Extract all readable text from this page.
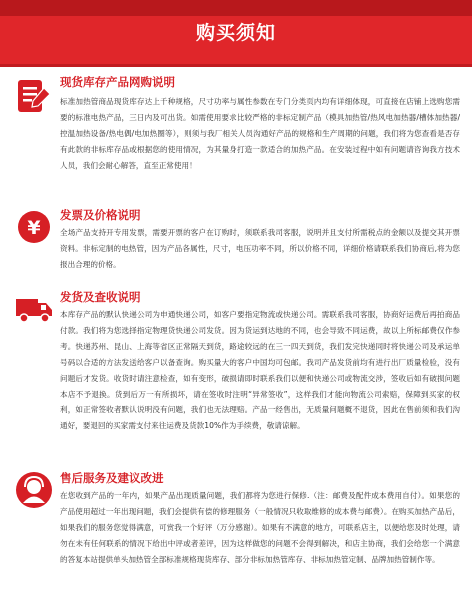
购买须知
现货库存产品网购说明
标准加热管商品现货库存达上千种规格，尺寸功率与属性参数在专门分类页内均有详细体现，可直接在店铺上选购您需要的标准电热产品，三日内及可出货。如需使用要求比较严格的非标定制产品（模具加热管/热风电加热器/槽体加热器/控温加热设备/热电偶/电加热圈等），则须与我厂相关人员沟通好产品的规格和生产周期的问题，我们将为您查看是否存有此款的非标库存品或根据您的使用情况，为其量身打造一款适合的加热产品。在安装过程中如有问题请咨询我方技术人员，我们会耐心解答，直至正常使用！
¥
发票及价格说明
全场产品支持开专用发票，需要开票的客户在订购时，须联系我司客服，说明并且支付所需税点的金额以及提交其开票资料。非标定制的电热管，因为产品各属性，尺寸，电压功率不同，所以价格不同，详细价格请联系我们协商后,将为您报出合理的价格。
发货及查收说明
本库存产品的默认快递公司为申通快递公司，如客户要指定物流或快递公司。需联系我司客服，协商好运费后再拍商品付款。我们将为您选择指定物理货快递公司发货。因为货运到达地的不同，也会导致不同运费，故以上所标邮费仅作参考。快递苏州、昆山、上海等省区正常隔天到货，路途较远的在三一四天到货，我们发完快递同时将快递公司及承运单号码以合适的方法发送给客户以备查询。购买量大的客户中国均可包邮。我司产品发货前均有进行出厂质量检验，没有问题后才发货。收货时请注意检查，如有变形，破损请即时联系我们以便和快递公司或物流交涉，签收后如有破损问题本店不予退换。货到后万一有所损坏，请在签收时注明“异常签收”，这样我们才能向物流公司索赔，保障到买家的权利，如正常签收者默认说明没有问题，我们也无法理赔。产品一经售出，无质量问题概不退货，因此在售前须和我们沟通好，要退回的买家需支付来往运费及货款10%作为手续费，敬请谅解。
售后服务及建议改进
在您收到产品的一年内，如果产品出现质量问题，我们都将为您进行保修.（注：邮费及配件成本费用自付）。如果您的产品使用超过一年出现问题，我们会提供有偿的修理服务（一般情况只收取维修的成本费与邮费）。在购买加热产品后，如果我们的服务您觉得满意，可赏我一个好评（万分感谢）。如果有不满意的地方，可联系店主，以便给您及时处理，请勿在未有任何联系的情况下给出中评或者差评，因为这样做您的问题不会得到解决，和店主协商，我们会给您一个满意的答复本站提供单头加热管全部标准规格现货库存、部分非标加热管库存、非标加热管定制、品牌加热管制作等。
